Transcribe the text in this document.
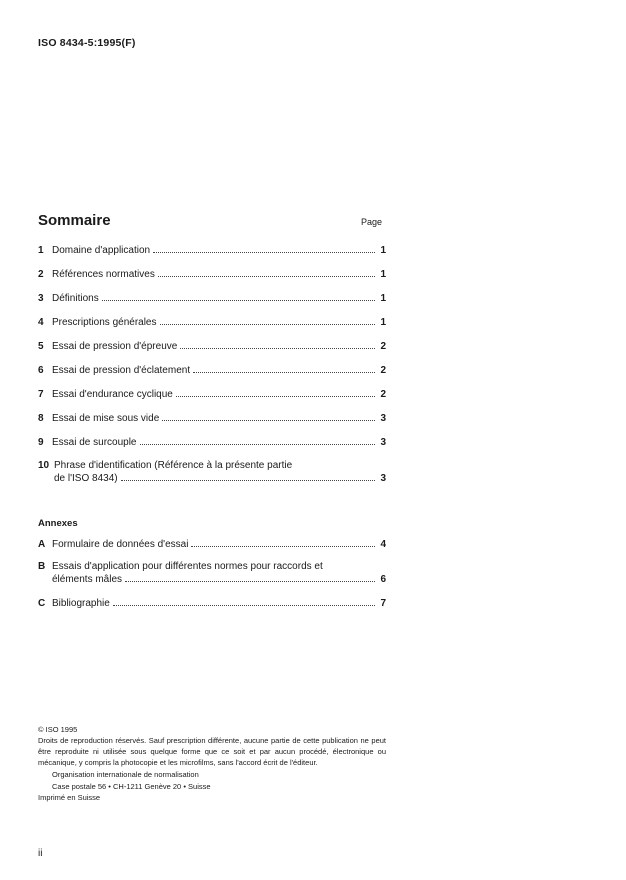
ISO 8434-5:1995(F)
Sommaire	Page
1 Domaine d'application	1
2 Références normatives	1
3 Définitions	1
4 Prescriptions générales	1
5 Essai de pression d'épreuve	2
6 Essai de pression d'éclatement	2
7 Essai d'endurance cyclique	2
8 Essai de mise sous vide	3
9 Essai de surcouple	3
10 Phrase d'identification (Référence à la présente partie
de l'ISO 8434)	3
Annexes
A Formulaire de données d'essai	4
B Essais d'application pour différentes normes pour raccords et
éléments mâles	6
C Bibliographie	7
© ISO 1995
Droits de reproduction réservés. Sauf prescription différente, aucune partie de cette publication ne peut être reproduite ni utilisée sous quelque forme que ce soit et par aucun procédé, électronique ou mécanique, y compris la photocopie et les microfilms, sans l'accord écrit de l'éditeur.
Organisation internationale de normalisation
Case postale 56 • CH-1211 Genève 20 • Suisse
Imprimé en Suisse
ii
